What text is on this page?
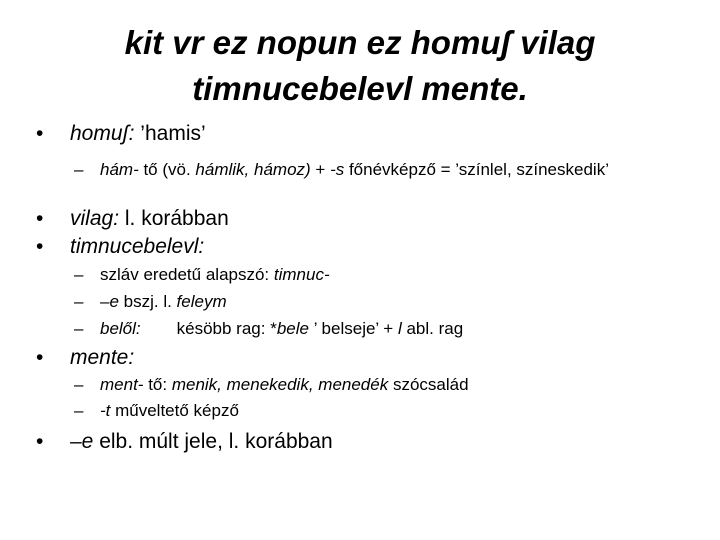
kit vr ez nopun ez homuʃ vilag
timnucebelevl mente.
• homuʃ: ’hamis’
– hám- tő (vö. hámlik, hámoz) + -s főnévképző = ’színlel, színeskedik’
• vilag: l. korábban
• timnucebelevl:
– szláv eredetű alapszó: timnuc-
– –e bszj. l. feleym
– belől: késöbb rag: *bele ’ belseje’ + l abl. rag
• mente:
– ment- tő: menik, menekedik, menedék szócsalád
– -t műveltető képző
• –e elb. múlt jele, l. korábban
